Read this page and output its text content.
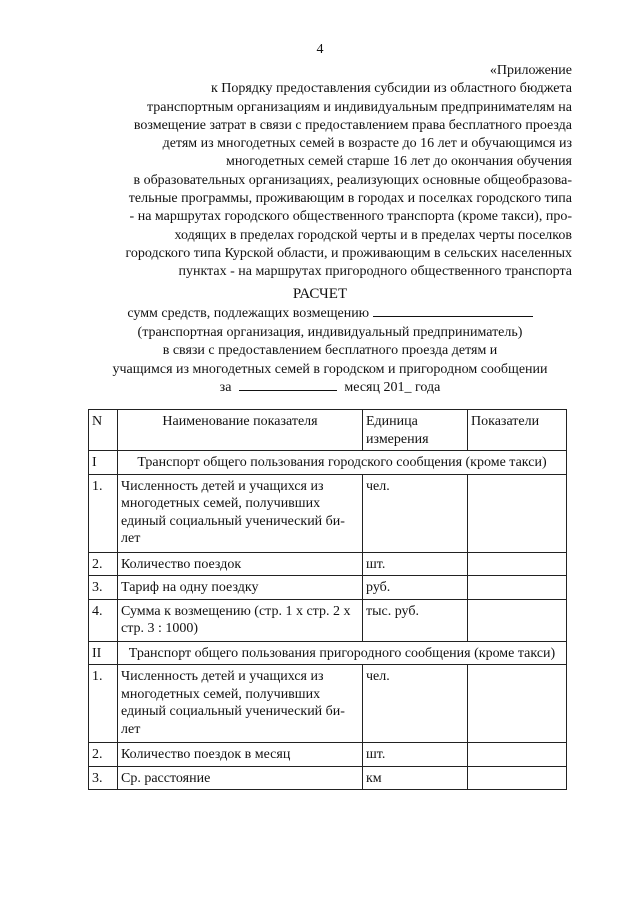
4
«Приложение
к Порядку предоставления субсидии из областного бюджета
транспортным организациям и индивидуальным предпринимателям на
возмещение затрат в связи с предоставлением права бесплатного проезда
детям из многодетных семей в возрасте до 16 лет и обучающимся из
многодетных семей старше 16 лет до окончания обучения
в образовательных организациях, реализующих основные общеобразова-
тельные программы, проживающим в городах и поселках городского типа
- на маршрутах городского общественного транспорта (кроме такси), про-
ходящих в пределах городской черты и в пределах черты поселков
городского типа Курской области, и проживающим в сельских населенных
пунктах - на маршрутах пригородного общественного транспорта
РАСЧЕТ
сумм средств, подлежащих возмещению
(транспортная организация, индивидуальный предприниматель)
в связи с предоставлением бесплатного проезда детям и
учащимся из многодетных семей в городском и пригородном сообщении
за	месяц 201_ года
N	Наименование показателя	Единица измерения	Показатели
I	Транспорт общего пользования городского сообщения (кроме такси)		
1.	Численность детей и учащихся из многодетных семей, получивших единый социальный ученический би-лет	чел.	
2.	Количество поездок	шт.	
3.	Тариф на одну поездку	руб.	
4.	Сумма к возмещению (стр. 1 х стр. 2 х стр. 3 : 1000)	тыс. руб.	
II	Транспорт общего пользования пригородного сообщения (кроме такси)		
1.	Численность детей и учащихся из многодетных семей, получивших единый социальный ученический би-лет	чел.	
2.	Количество поездок в месяц	шт.	
3.	Ср. расстояние	км	
